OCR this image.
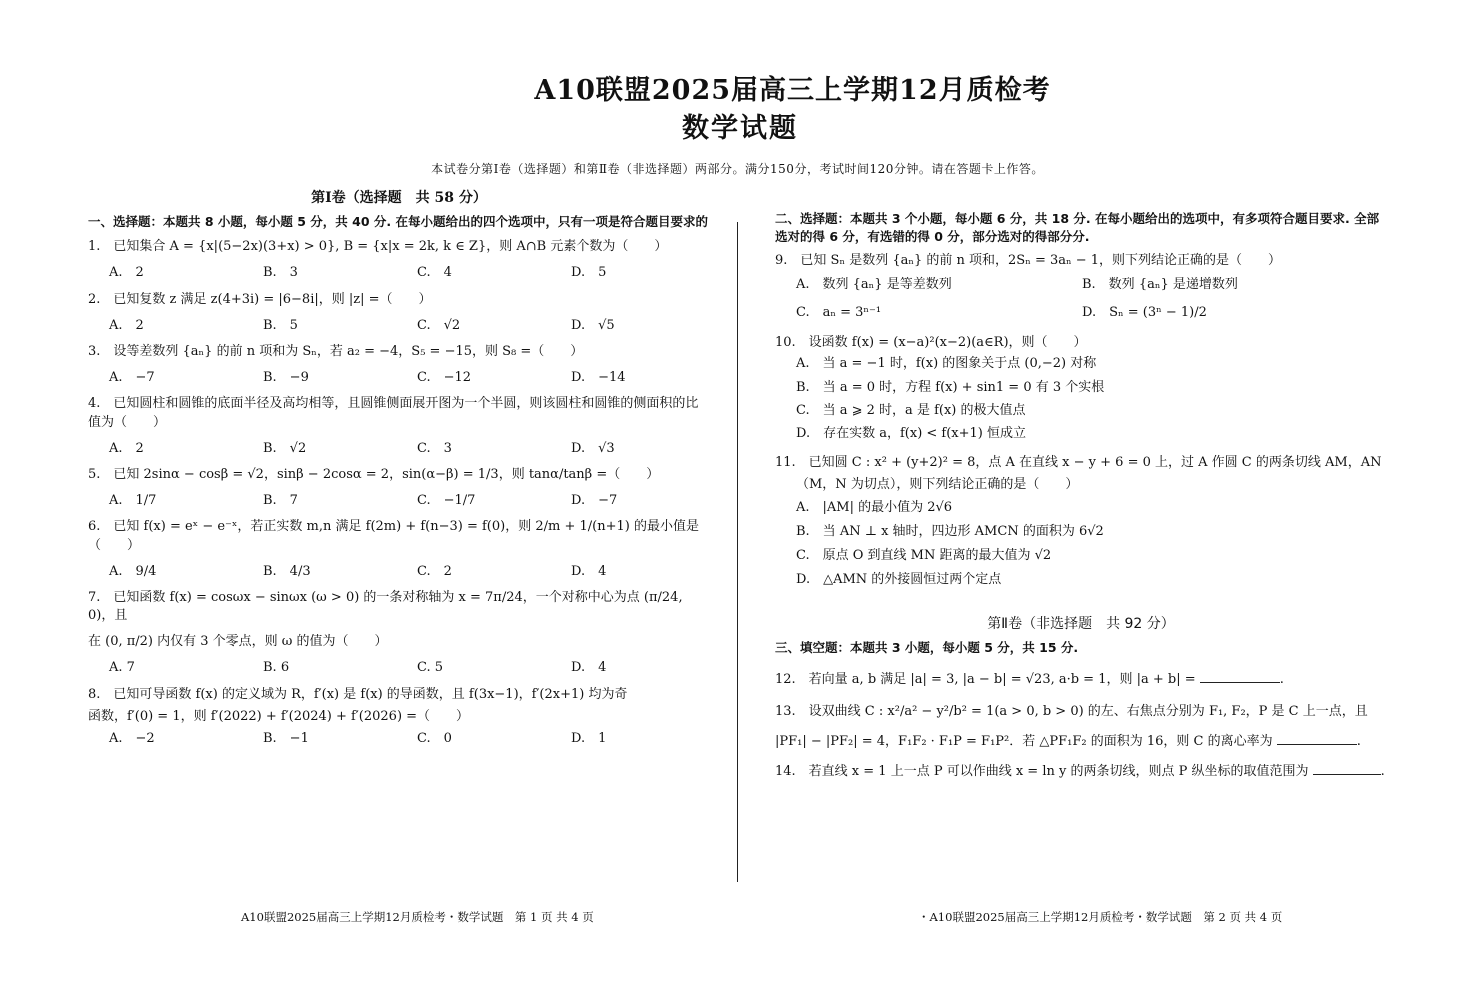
A10联盟2025届高三上学期12月质检考
数学试题
本试卷分第Ⅰ卷（选择题）和第Ⅱ卷（非选择题）两部分。满分150分，考试时间120分钟。请在答题卡上作答。
第Ⅰ卷（选择题　共 58 分）
一、选择题：本题共 8 小题，每小题 5 分，共 40 分. 在每小题给出的四个选项中，只有一项是符合题目要求的
1.　已知集合 A = {x|(5−2x)(3+x) > 0}, B = {x|x = 2k, k ∈ Z}，则 A∩B 元素个数为（　　）
A.　2	B.　3	C.　4	D.　5
2.　已知复数 z 满足 z(4+3i) = |6−8i|，则 |z| =（　　）
A.　2	B.　5	C.　√2	D.　√5
3.　设等差数列 {aₙ} 的前 n 项和为 Sₙ，若 a₂ = −4，S₅ = −15，则 S₈ =（　　）
A.　−7	B.　−9	C.　−12	D.　−14
4.　已知圆柱和圆锥的底面半径及高均相等，且圆锥侧面展开图为一个半圆，则该圆柱和圆锥的侧面积的比值为（　　）
A.　2	B.　√2	C.　3	D.　√3
5.　已知 2sinα − cosβ = √2，sinβ − 2cosα = 2，sin(α−β) = 1/3，则 tanα/tanβ =（　　）
A.　1/7	B.　7	C.　−1/7	D.　−7
6.　已知 f(x) = eˣ − e⁻ˣ，若正实数 m,n 满足 f(2m) + f(n−3) = f(0)，则 2/m + 1/(n+1) 的最小值是（　　）
A.　9/4	B.　4/3	C.　2	D.　4
7.　已知函数 f(x) = cosωx − sinωx (ω > 0) 的一条对称轴为 x = 7π/24，一个对称中心为点 (π/24, 0)，且
在 (0, π/2) 内仅有 3 个零点，则 ω 的值为（　　）
A. 7	B. 6	C. 5	D.　4
8.　已知可导函数 f(x) 的定义域为 R，f′(x) 是 f(x) 的导函数，且 f(3x−1)，f′(2x+1) 均为奇
函数，f′(0) = 1，则 f′(2022) + f′(2024) + f′(2026) =（　　）
A.　−2	B.　−1	C.　0	D.　1
二、选择题：本题共 3 个小题，每小题 6 分，共 18 分. 在每小题给出的选项中，有多项符合题目要求. 全部选对的得 6 分，有选错的得 0 分，部分选对的得部分分.
9.　已知 Sₙ 是数列 {aₙ} 的前 n 项和，2Sₙ = 3aₙ − 1，则下列结论正确的是（　　）
A.　数列 {aₙ} 是等差数列	B.　数列 {aₙ} 是递增数列
C.　aₙ = 3ⁿ⁻¹	D.　Sₙ = (3ⁿ − 1)/2
10.　设函数 f(x) = (x−a)²(x−2)(a∈R)，则（　　）
A.　当 a = −1 时，f(x) 的图象关于点 (0,−2) 对称
B.　当 a = 0 时，方程 f(x) + sin1 = 0 有 3 个实根
C.　当 a ⩾ 2 时，a 是 f(x) 的极大值点
D.　存在实数 a，f(x) < f(x+1) 恒成立
11.　已知圆 C : x² + (y+2)² = 8，点 A 在直线 x − y + 6 = 0 上，过 A 作圆 C 的两条切线 AM，AN
（M，N 为切点），则下列结论正确的是（　　）
A.　|AM| 的最小值为 2√6
B.　当 AN ⊥ x 轴时，四边形 AMCN 的面积为 6√2
C.　原点 O 到直线 MN 距离的最大值为 √2
D.　△AMN 的外接圆恒过两个定点
第Ⅱ卷（非选择题　共 92 分）
三、填空题：本题共 3 小题，每小题 5 分，共 15 分.
12.　若向量 a, b 满足 |a| = 3, |a − b| = √23, a·b = 1，则 |a + b| =	.
13.　设双曲线 C : x²/a² − y²/b² = 1(a > 0, b > 0) 的左、右焦点分别为 F₁, F₂，P 是 C 上一点，且
|PF₁| − |PF₂| = 4，F₁F₂ · F₁P = F₁P²．若 △PF₁F₂ 的面积为 16，则 C 的离心率为	.
14.　若直线 x = 1 上一点 P 可以作曲线 x = ln y 的两条切线，则点 P 纵坐标的取值范围为	.
A10联盟2025届高三上学期12月质检考・数学试题　第 1 页 共 4 页	・A10联盟2025届高三上学期12月质检考・数学试题　第 2 页 共 4 页
